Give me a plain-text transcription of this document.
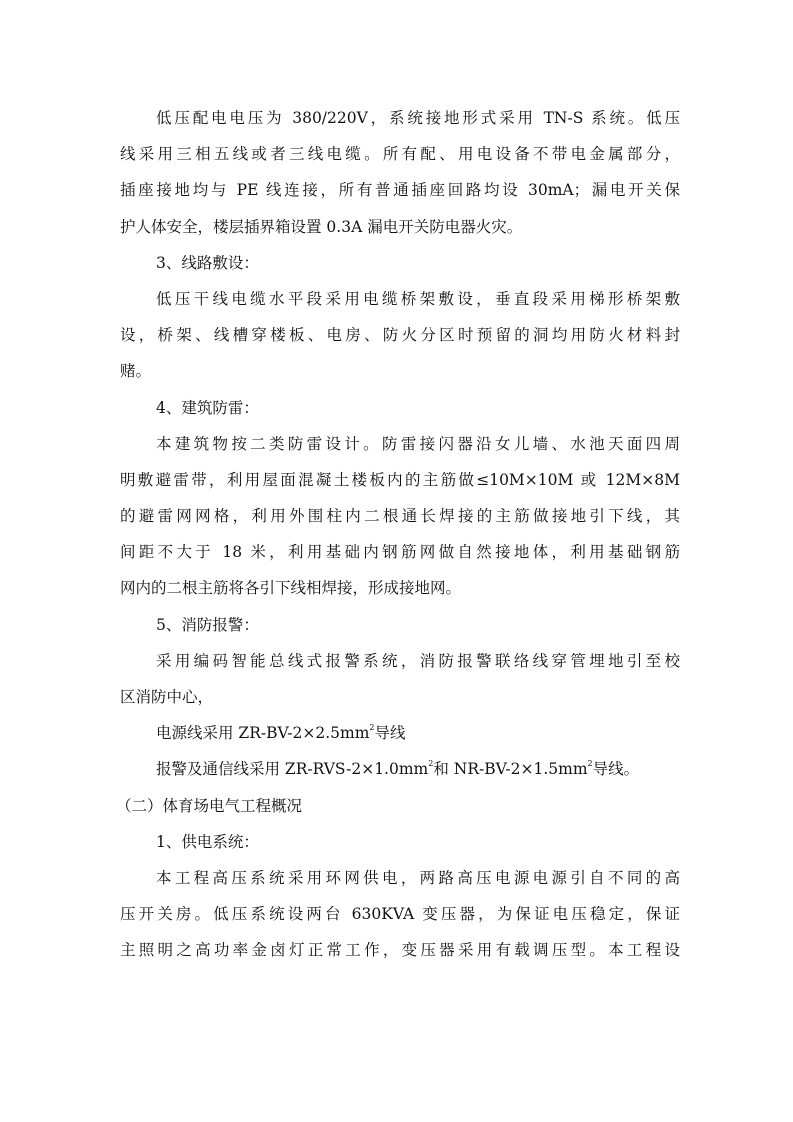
低压配电电压为 380/220V，系统接地形式采用 TN-S 系统。低压
线采用三相五线或者三线电缆。所有配、用电设备不带电金属部分，
插座接地均与 PE 线连接，所有普通插座回路均设 30mA；漏电开关保
护人体安全，楼层插界箱设置 0.3A 漏电开关防电器火灾。
3、线路敷设：
低压干线电缆水平段采用电缆桥架敷设，垂直段采用梯形桥架敷
设，桥架、线槽穿楼板、电房、防火分区时预留的洞均用防火材料封
赌。
4、建筑防雷：
本建筑物按二类防雷设计。防雷接闪器沿女儿墙、水池天面四周
明敷避雷带，利用屋面混凝土楼板内的主筋做≤10M×10M 或 12M×8M
的避雷网网格，利用外围柱内二根通长焊接的主筋做接地引下线，其
间距不大于 18 米，利用基础内钢筋网做自然接地体，利用基础钢筋
网内的二根主筋将各引下线相焊接，形成接地网。
5、消防报警：
采用编码智能总线式报警系统，消防报警联络线穿管埋地引至校
区消防中心，
电源线采用 $ZR-BV-2\times 2.5mm^2$导线
报警及通信线采用 $ZR-RVS-2\times 1.0mm^2$和 $NR-BV-2\times 1.5mm^2$导线。
（二）体育场电气工程概况
1、供电系统：
本工程高压系统采用环网供电，两路高压电源电源引自不同的高
压开关房。低压系统设两台 630KVA 变压器，为保证电压稳定，保证
主照明之高功率金卤灯正常工作，变压器采用有载调压型。本工程设
